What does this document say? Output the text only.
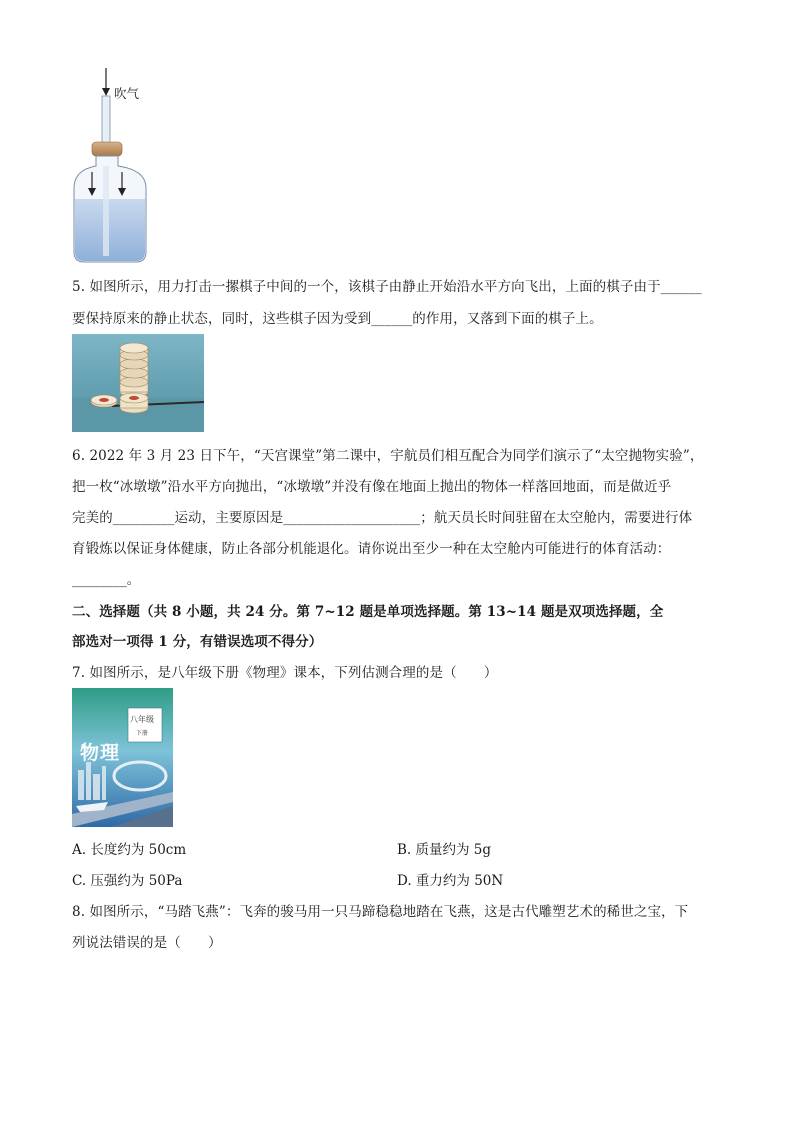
吹气
5. 如图所示，用力打击一摞棋子中间的一个，该棋子由静止开始沿水平方向飞出，上面的棋子由于______
要保持原来的静止状态，同时，这些棋子因为受到______的作用，又落到下面的棋子上。
6. 2022 年 3 月 23 日下午，“天宫课堂”第二课中，宇航员们相互配合为同学们演示了“太空抛物实验”，
把一枚“冰墩墩”沿水平方向抛出，“冰墩墩”并没有像在地面上抛出的物体一样落回地面，而是做近乎
完美的_________运动，主要原因是____________________；航天员长时间驻留在太空舱内，需要进行体
育锻炼以保证身体健康，防止各部分机能退化。请你说出至少一种在太空舱内可能进行的体育活动：
________。
二、选择题（共 8 小题，共 24 分。第 7~12 题是单项选择题。第 13~14 题是双项选择题，全
部选对一项得 1 分，有错误选项不得分）
7. 如图所示，是八年级下册《物理》课本，下列估测合理的是（　　）
物理
八年级
下册
A. 长度约为 50cm	B. 质量约为 5g
C. 压强约为 50Pa	D. 重力约为 50N
8. 如图所示，“马踏飞燕”：飞奔的骏马用一只马蹄稳稳地踏在飞燕，这是古代雕塑艺术的稀世之宝，下
列说法错误的是（　　）
